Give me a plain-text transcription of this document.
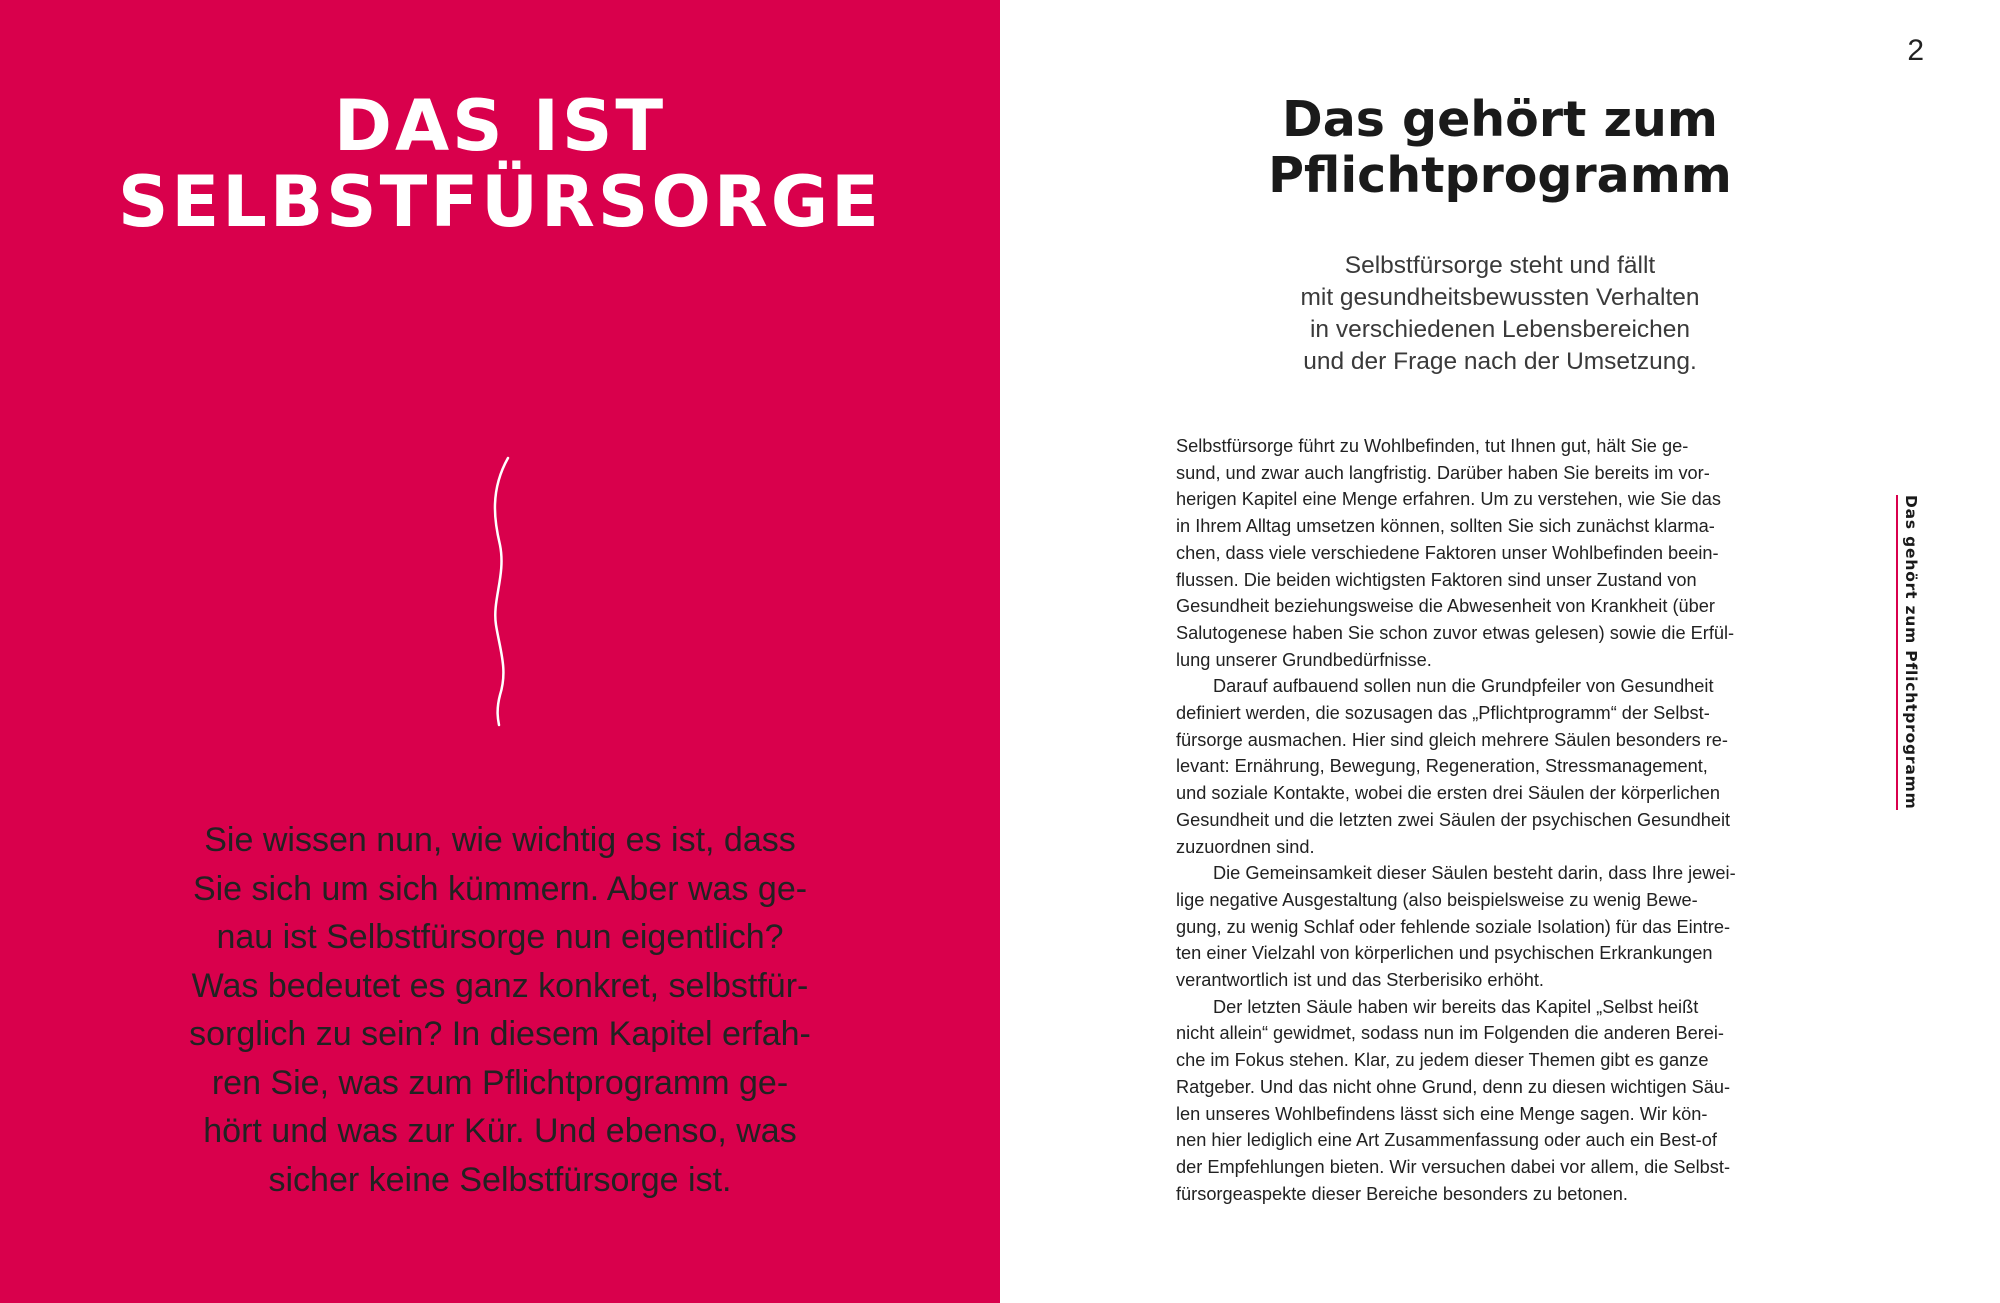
DAS IST
SELBSTFÜRSORGE
Sie wissen nun, wie wichtig es ist, dass
Sie sich um sich kümmern. Aber was ge-
nau ist Selbstfürsorge nun eigentlich?
Was bedeutet es ganz konkret, selbstfür-
sorglich zu sein? In diesem Kapitel erfah-
ren Sie, was zum Pflichtprogramm ge-
hört und was zur Kür. Und ebenso, was
sicher keine Selbstfürsorge ist.
2
Das gehört zum
Pflichtprogramm
Selbstfürsorge steht und fällt
mit gesundheitsbewussten Verhalten
in verschiedenen Lebensbereichen
und der Frage nach der Umsetzung.
Selbstfürsorge führt zu Wohlbefinden, tut Ihnen gut, hält Sie ge-
sund, und zwar auch langfristig. Darüber haben Sie bereits im vor-
herigen Kapitel eine Menge erfahren. Um zu verstehen, wie Sie das
in Ihrem Alltag umsetzen können, sollten Sie sich zunächst klarma-
chen, dass viele verschiedene Faktoren unser Wohlbefinden beein-
flussen. Die beiden wichtigsten Faktoren sind unser Zustand von
Gesundheit beziehungsweise die Abwesenheit von Krankheit (über
Salutogenese haben Sie schon zuvor etwas gelesen) sowie die Erfül-
lung unserer Grundbedürfnisse.
Darauf aufbauend sollen nun die Grundpfeiler von Gesundheit
definiert werden, die sozusagen das „Pflichtprogramm“ der Selbst-
fürsorge ausmachen. Hier sind gleich mehrere Säulen besonders re-
levant: Ernährung, Bewegung, Regeneration, Stressmanagement,
und soziale Kontakte, wobei die ersten drei Säulen der körperlichen
Gesundheit und die letzten zwei Säulen der psychischen Gesundheit
zuzuordnen sind.
Die Gemeinsamkeit dieser Säulen besteht darin, dass Ihre jewei-
lige negative Ausgestaltung (also beispielsweise zu wenig Bewe-
gung, zu wenig Schlaf oder fehlende soziale Isolation) für das Eintre-
ten einer Vielzahl von körperlichen und psychischen Erkrankungen
verantwortlich ist und das Sterberisiko erhöht.
Der letzten Säule haben wir bereits das Kapitel „Selbst heißt
nicht allein“ gewidmet, sodass nun im Folgenden die anderen Berei-
che im Fokus stehen. Klar, zu jedem dieser Themen gibt es ganze
Ratgeber. Und das nicht ohne Grund, denn zu diesen wichtigen Säu-
len unseres Wohlbefindens lässt sich eine Menge sagen. Wir kön-
nen hier lediglich eine Art Zusammenfassung oder auch ein Best-of
der Empfehlungen bieten. Wir versuchen dabei vor allem, die Selbst-
fürsorgeaspekte dieser Bereiche besonders zu betonen.
Das gehört zum Pflichtprogramm
